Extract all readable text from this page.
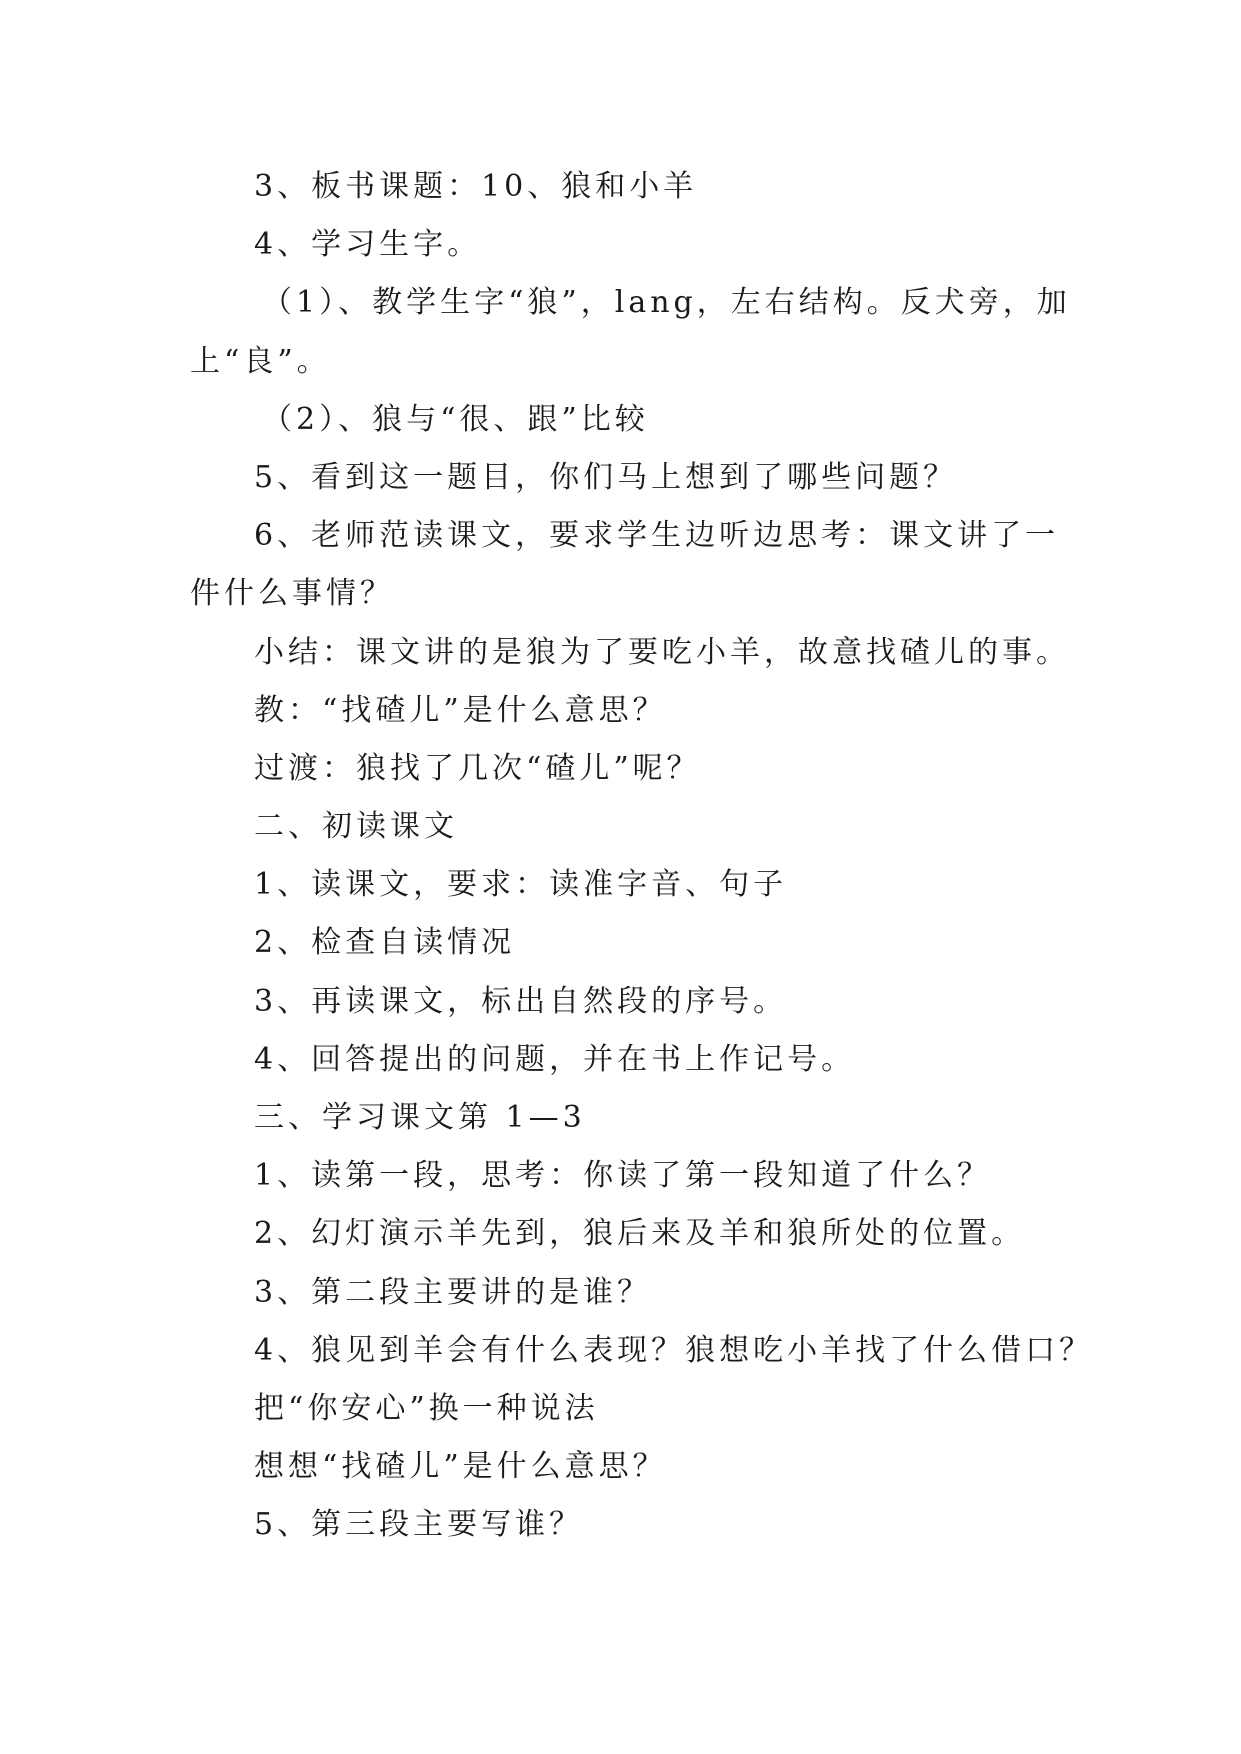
3、板书课题：10、狼和小羊
4、学习生字。
（1）、教学生字“狼”，lang，左右结构。反犬旁，加
上“良”。
（2）、狼与“很、跟”比较
5、看到这一题目，你们马上想到了哪些问题？
6、老师范读课文，要求学生边听边思考：课文讲了一
件什么事情？
小结：课文讲的是狼为了要吃小羊，故意找碴儿的事。
教：“找碴儿”是什么意思？
过渡：狼找了几次“碴儿”呢？
二、初读课文
1、读课文，要求：读准字音、句子
2、检查自读情况
3、再读课文，标出自然段的序号。
4、回答提出的问题，并在书上作记号。
三、学习课文第 1—3
1、读第一段，思考：你读了第一段知道了什么？
2、幻灯演示羊先到，狼后来及羊和狼所处的位置。
3、第二段主要讲的是谁？
4、狼见到羊会有什么表现？狼想吃小羊找了什么借口？
把“你安心”换一种说法
想想“找碴儿”是什么意思？
5、第三段主要写谁？
